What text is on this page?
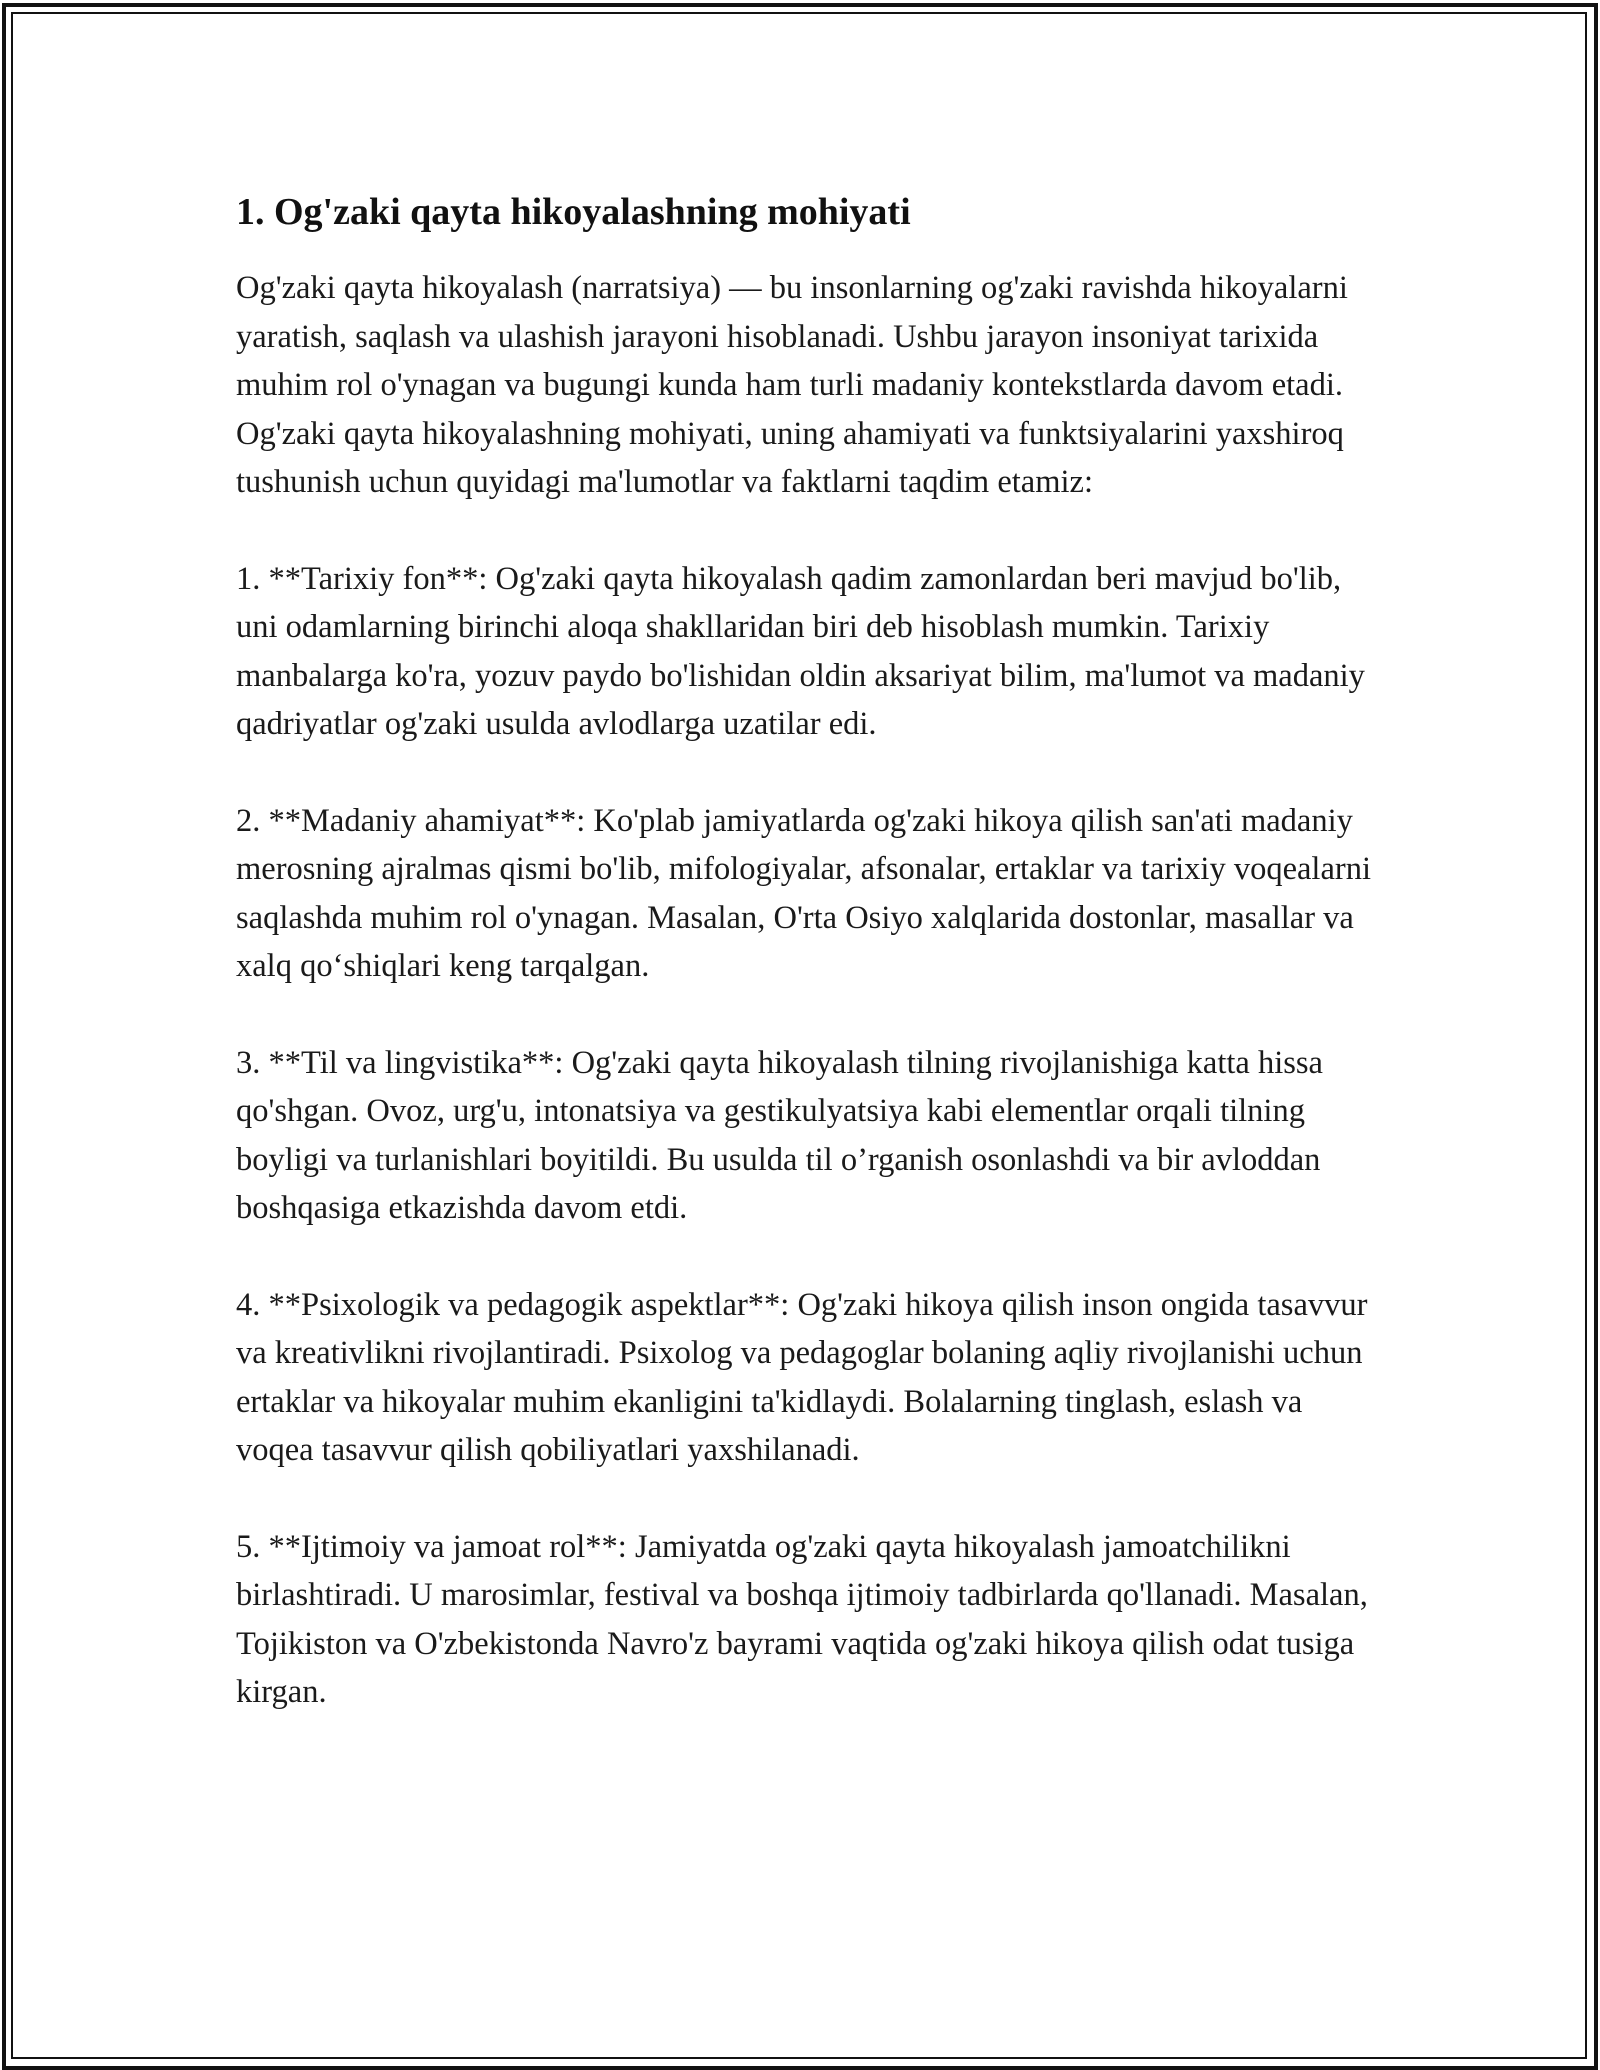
1. Og'zaki qayta hikoyalashning mohiyati

Og'zaki qayta hikoyalash (narratsiya) — bu insonlarning og'zaki ravishda hikoyalarni yaratish, saqlash va ulashish jarayoni hisoblanadi. Ushbu jarayon insoniyat tarixida muhim rol o'ynagan va bugungi kunda ham turli madaniy kontekstlarda davom etadi. Og'zaki qayta hikoyalashning mohiyati, uning ahamiyati va funktsiyalarini yaxshiroq tushunish uchun quyidagi ma'lumotlar va faktlarni taqdim etamiz:

1. **Tarixiy fon**: Og'zaki qayta hikoyalash qadim zamonlardan beri mavjud bo'lib, uni odamlarning birinchi aloqa shakllaridan biri deb hisoblash mumkin. Tarixiy manbalarga ko'ra, yozuv paydo bo'lishidan oldin aksariyat bilim, ma'lumot va madaniy qadriyatlar og'zaki usulda avlodlarga uzatilar edi.

2. **Madaniy ahamiyat**: Ko'plab jamiyatlarda og'zaki hikoya qilish san'ati madaniy merosning ajralmas qismi bo'lib, mifologiyalar, afsonalar, ertaklar va tarixiy voqealarni saqlashda muhim rol o'ynagan. Masalan, O'rta Osiyo xalqlarida dostonlar, masallar va xalq qo‘shiqlari keng tarqalgan.

3. **Til va lingvistika**: Og'zaki qayta hikoyalash tilning rivojlanishiga katta hissa qo'shgan. Ovoz, urg'u, intonatsiya va gestikulyatsiya kabi elementlar orqali tilning boyligi va turlanishlari boyitildi. Bu usulda til o’rganish osonlashdi va bir avloddan boshqasiga etkazishda davom etdi.

4. **Psixologik va pedagogik aspektlar**: Og'zaki hikoya qilish inson ongida tasavvur va kreativlikni rivojlantiradi. Psixolog va pedagoglar bolaning aqliy rivojlanishi uchun ertaklar va hikoyalar muhim ekanligini ta'kidlaydi. Bolalarning tinglash, eslash va voqea tasavvur qilish qobiliyatlari yaxshilanadi.

5. **Ijtimoiy va jamoat rol**: Jamiyatda og'zaki qayta hikoyalash jamoatchilikni birlashtiradi. U marosimlar, festival va boshqa ijtimoiy tadbirlarda qo'llanadi. Masalan, Tojikiston va O'zbekistonda Navro'z bayrami vaqtida og'zaki hikoya qilish odat tusiga kirgan.
